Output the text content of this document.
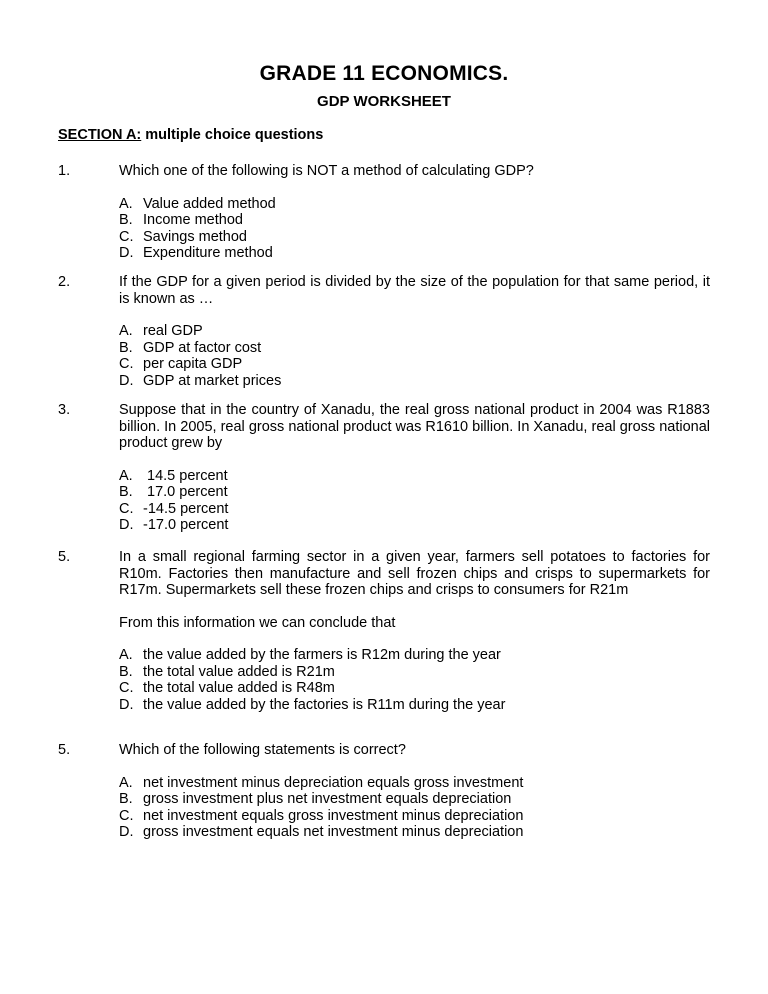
GRADE 11 ECONOMICS.
GDP WORKSHEET
SECTION A: multiple choice questions
1.	Which one of the following is NOT a method of calculating GDP?
A. Value added method
B. Income method
C. Savings method
D. Expenditure method
2.	If the GDP for a given period is divided by the size of the population for that same period, it is known as …
A. real GDP
B. GDP at factor cost
C. per capita GDP
D. GDP at market prices
3.	Suppose that in the country of Xanadu, the real gross national product in 2004 was R1883 billion. In 2005, real gross national product was R1610 billion. In Xanadu, real gross national product grew by
A. 14.5 percent
B. 17.0 percent
C. -14.5 percent
D. -17.0 percent
5.	In a small regional farming sector in a given year, farmers sell potatoes to factories for R10m. Factories then manufacture and sell frozen chips and crisps to supermarkets for R17m. Supermarkets sell these frozen chips and crisps to consumers for R21m
From this information we can conclude that
A. the value added by the farmers is R12m during the year
B. the total value added is R21m
C. the total value added is R48m
D. the value added by the factories is R11m during the year
5.	Which of the following statements is correct?
A. net investment minus depreciation equals gross investment
B. gross investment plus net investment equals depreciation
C. net investment equals gross investment minus depreciation
D. gross investment equals net investment minus depreciation
